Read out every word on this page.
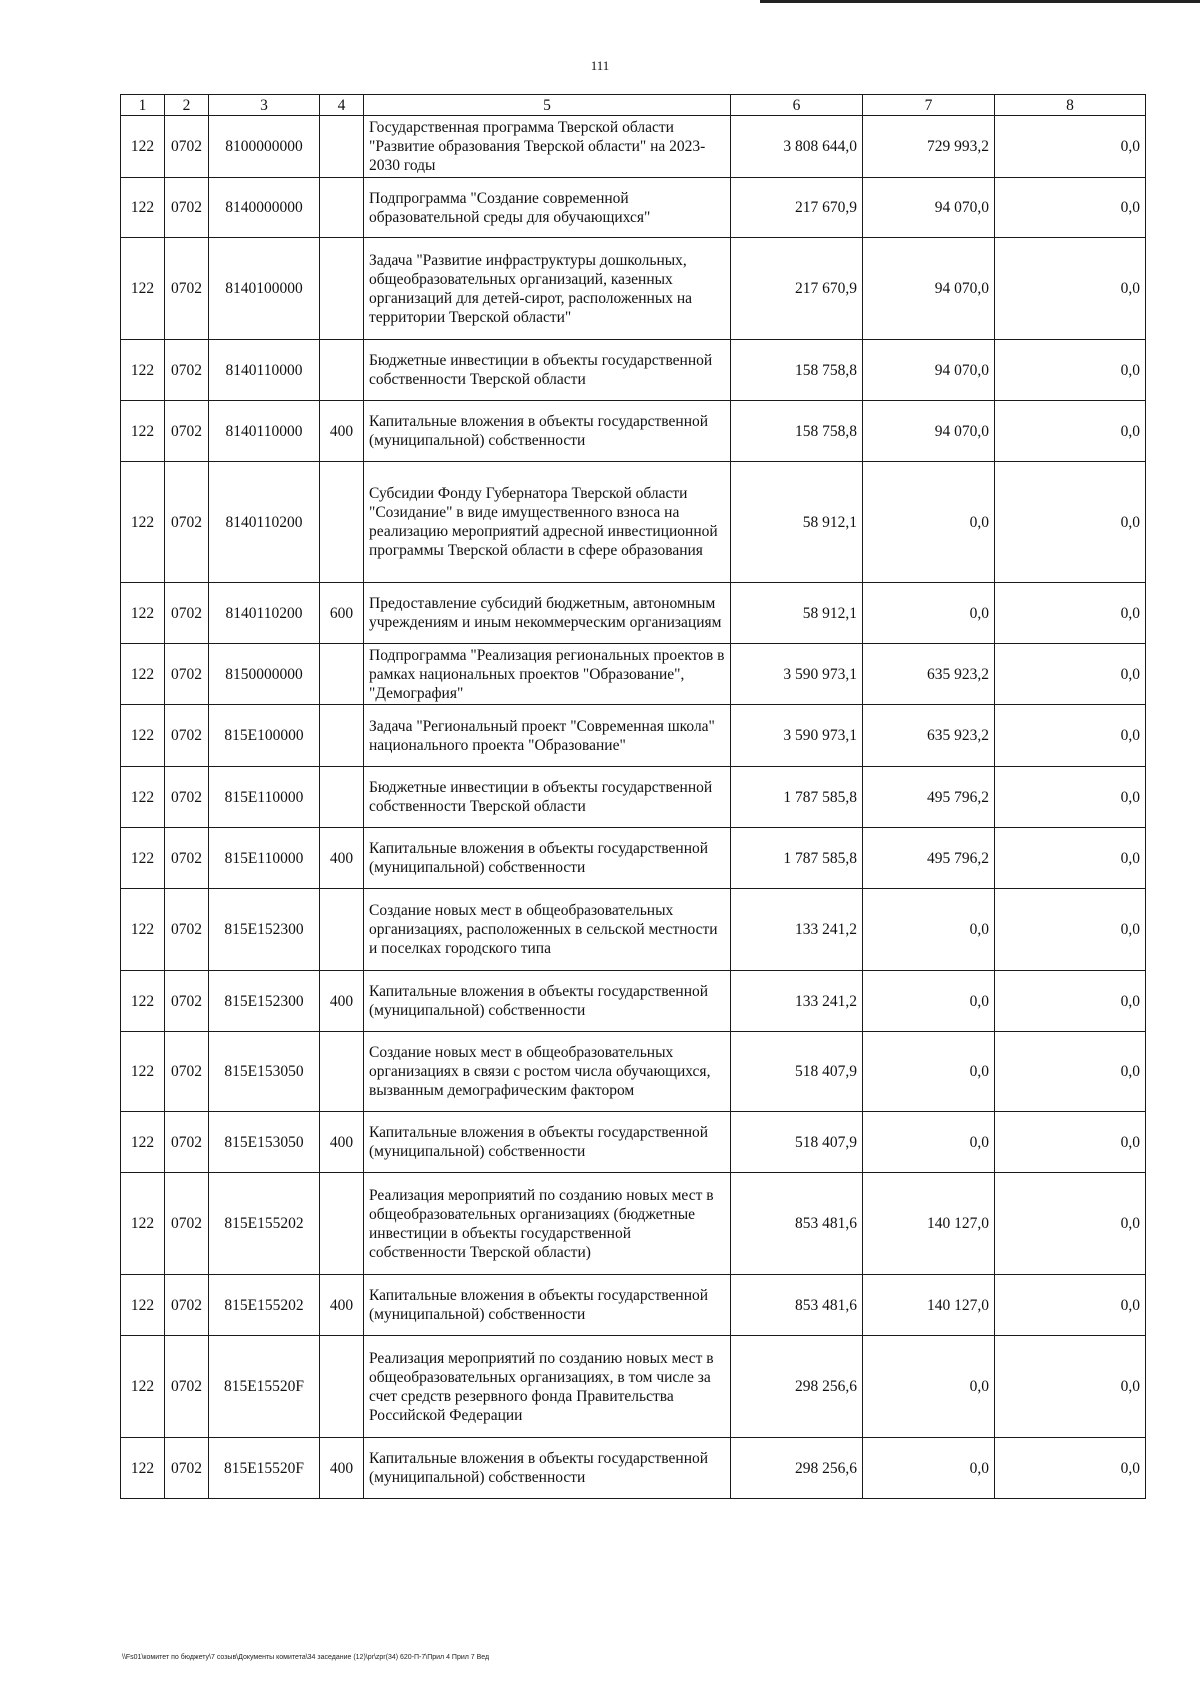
111
1	2	3	4	5	6	7	8
122	0702	8100000000		Государственная программа Тверской области "Развитие образования Тверской области" на 2023-2030 годы	3 808 644,0	729 993,2	0,0
122	0702	8140000000		Подпрограмма "Создание современной образовательной среды для обучающихся"	217 670,9	94 070,0	0,0
122	0702	8140100000		Задача "Развитие инфраструктуры дошкольных, общеобразовательных организаций, казенных организаций для детей-сирот, расположенных на территории Тверской области"	217 670,9	94 070,0	0,0
122	0702	8140110000		Бюджетные инвестиции в объекты государственной собственности Тверской области	158 758,8	94 070,0	0,0
122	0702	8140110000	400	Капитальные вложения в объекты государственной (муниципальной) собственности	158 758,8	94 070,0	0,0
122	0702	8140110200		Субсидии Фонду Губернатора Тверской области "Созидание" в виде имущественного взноса на реализацию мероприятий адресной инвестиционной программы Тверской области в сфере образования	58 912,1	0,0	0,0
122	0702	8140110200	600	Предоставление субсидий бюджетным, автономным учреждениям и иным некоммерческим организациям	58 912,1	0,0	0,0
122	0702	8150000000		Подпрограмма "Реализация региональных проектов в рамках национальных проектов "Образование", "Демография"	3 590 973,1	635 923,2	0,0
122	0702	815E100000		Задача "Региональный проект "Современная школа" национального проекта "Образование"	3 590 973,1	635 923,2	0,0
122	0702	815E110000		Бюджетные инвестиции в объекты государственной собственности Тверской области	1 787 585,8	495 796,2	0,0
122	0702	815E110000	400	Капитальные вложения в объекты государственной (муниципальной) собственности	1 787 585,8	495 796,2	0,0
122	0702	815E152300		Создание новых мест в общеобразовательных организациях, расположенных в сельской местности и поселках городского типа	133 241,2	0,0	0,0
122	0702	815E152300	400	Капитальные вложения в объекты государственной (муниципальной) собственности	133 241,2	0,0	0,0
122	0702	815E153050		Создание новых мест в общеобразовательных организациях в связи с ростом числа обучающихся, вызванным демографическим фактором	518 407,9	0,0	0,0
122	0702	815E153050	400	Капитальные вложения в объекты государственной (муниципальной) собственности	518 407,9	0,0	0,0
122	0702	815E155202		Реализация мероприятий по созданию новых мест в общеобразовательных организациях (бюджетные инвестиции в объекты государственной собственности Тверской области)	853 481,6	140 127,0	0,0
122	0702	815E155202	400	Капитальные вложения в объекты государственной (муниципальной) собственности	853 481,6	140 127,0	0,0
122	0702	815E15520F		Реализация мероприятий по созданию новых мест в общеобразовательных организациях, в том числе за счет средств резервного фонда Правительства Российской Федерации	298 256,6	0,0	0,0
122	0702	815E15520F	400	Капитальные вложения в объекты государственной (муниципальной) собственности	298 256,6	0,0	0,0
\\Fs01\комитет по бюджету\7 созыв\Документы комитета\34 заседание (12)\pr\zpr(34) 620-П-7\Прил 4 Прил 7 Вед
